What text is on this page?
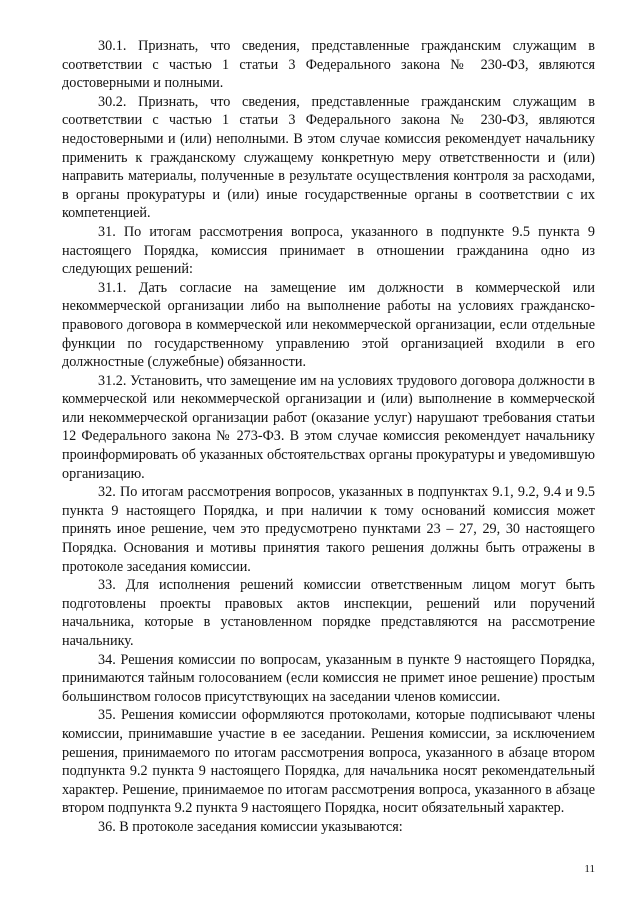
30.1. Признать, что сведения, представленные гражданским служащим в соответствии с частью 1 статьи 3 Федерального закона № 230-ФЗ, являются достоверными и полными.

30.2. Признать, что сведения, представленные гражданским служащим в соответствии с частью 1 статьи 3 Федерального закона № 230-ФЗ, являются недостоверными и (или) неполными. В этом случае комиссия рекомендует начальнику применить к гражданскому служащему конкретную меру ответственности и (или) направить материалы, полученные в результате осуществления контроля за расходами, в органы прокуратуры и (или) иные государственные органы в соответствии с их компетенцией.

31. По итогам рассмотрения вопроса, указанного в подпункте 9.5 пункта 9 настоящего Порядка, комиссия принимает в отношении гражданина одно из следующих решений:

31.1. Дать согласие на замещение им должности в коммерческой или некоммерческой организации либо на выполнение работы на условиях гражданско-правового договора в коммерческой или некоммерческой организации, если отдельные функции по государственному управлению этой организацией входили в его должностные (служебные) обязанности.

31.2. Установить, что замещение им на условиях трудового договора должности в коммерческой или некоммерческой организации и (или) выполнение в коммерческой или некоммерческой организации работ (оказание услуг) нарушают требования статьи 12 Федерального закона № 273-ФЗ. В этом случае комиссия рекомендует начальнику проинформировать об указанных обстоятельствах органы прокуратуры и уведомившую организацию.

32. По итогам рассмотрения вопросов, указанных в подпунктах 9.1, 9.2, 9.4 и 9.5 пункта 9 настоящего Порядка, и при наличии к тому оснований комиссия может принять иное решение, чем это предусмотрено пунктами 23 – 27, 29, 30 настоящего Порядка. Основания и мотивы принятия такого решения должны быть отражены в протоколе заседания комиссии.

33. Для исполнения решений комиссии ответственным лицом могут быть подготовлены проекты правовых актов инспекции, решений или поручений начальника, которые в установленном порядке представляются на рассмотрение начальнику.

34. Решения комиссии по вопросам, указанным в пункте 9 настоящего Порядка, принимаются тайным голосованием (если комиссия не примет иное решение) простым большинством голосов присутствующих на заседании членов комиссии.

35. Решения комиссии оформляются протоколами, которые подписывают члены комиссии, принимавшие участие в ее заседании. Решения комиссии, за исключением решения, принимаемого по итогам рассмотрения вопроса, указанного в абзаце втором подпункта 9.2 пункта 9 настоящего Порядка, для начальника носят рекомендательный характер. Решение, принимаемое по итогам рассмотрения вопроса, указанного в абзаце втором подпункта 9.2 пункта 9 настоящего Порядка, носит обязательный характер.

36. В протоколе заседания комиссии указываются:

11
